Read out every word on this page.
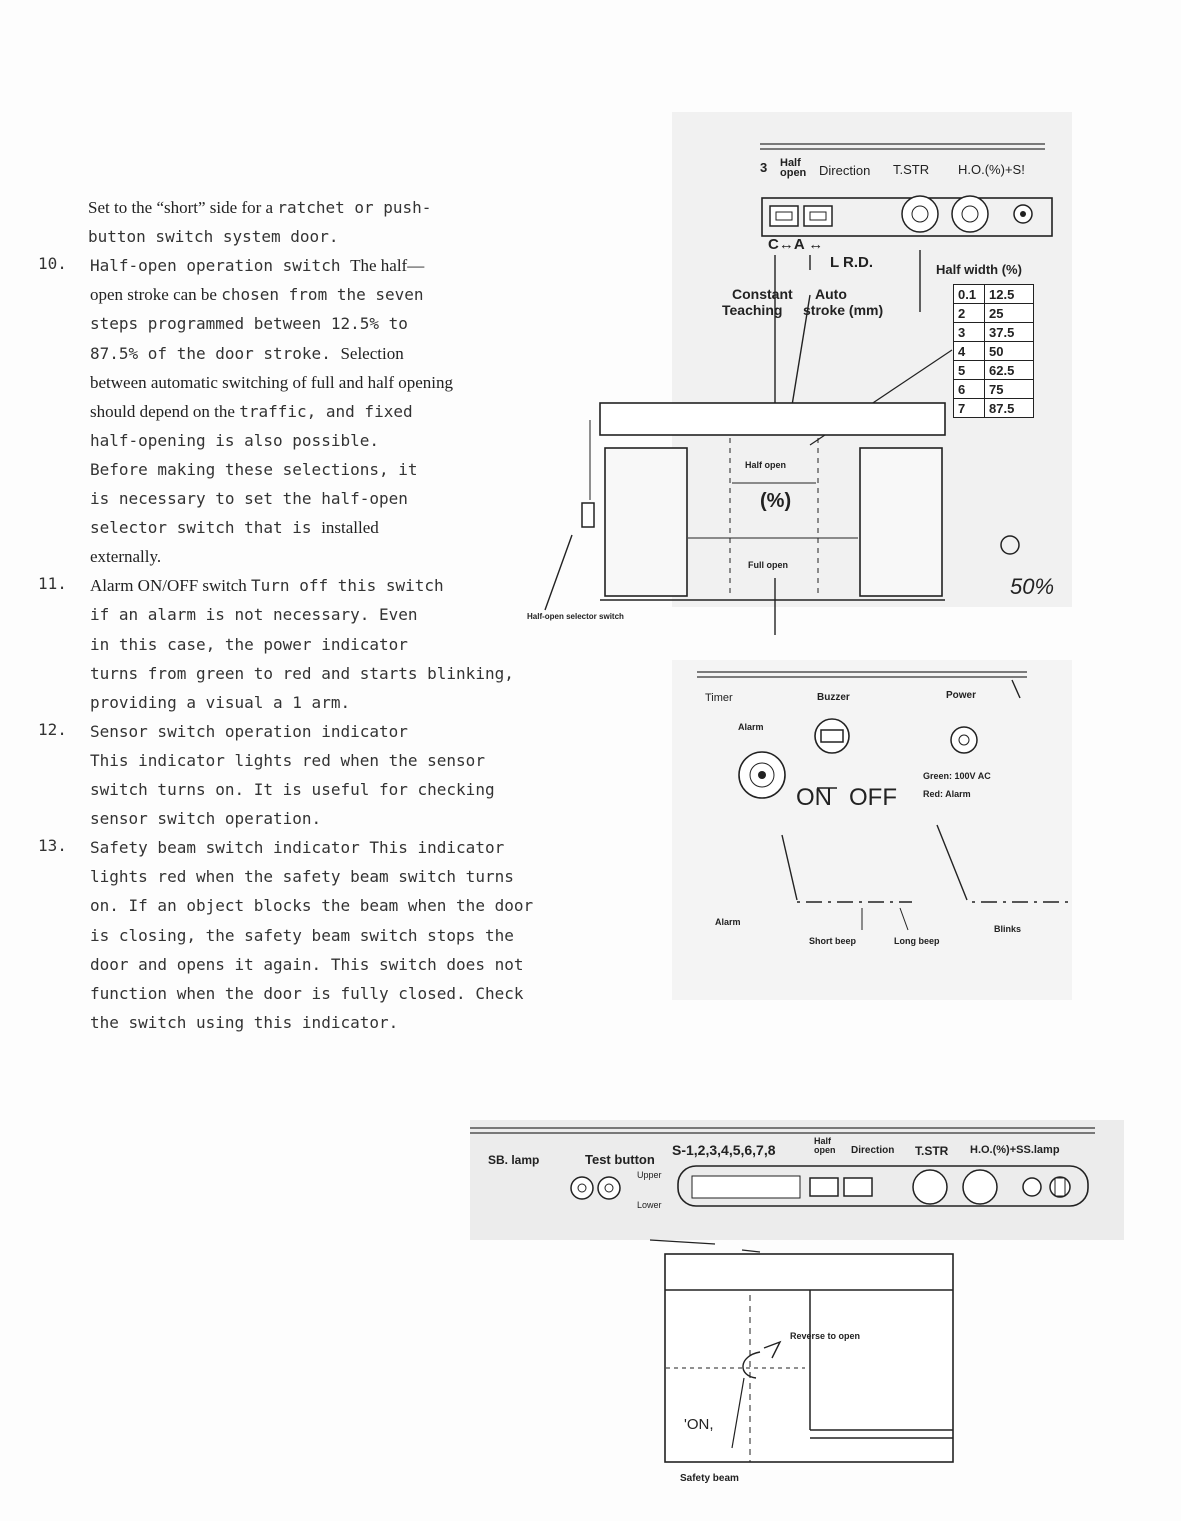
Set to the “short” side for a ratchet or push-
button switch system door.
10. Half-open operation switch The half—
open stroke can be chosen from the seven
steps programmed between 12.5% to
87.5% of the door stroke. Selection
between automatic switching of full and half opening
should depend on the traffic, and fixed
half-opening is also possible.
Before making these selections, it
is necessary to set the half-open
selector switch that is installed
externally.
11. Alarm ON/OFF switch Turn off this switch
if an alarm is not necessary. Even
in this case, the power indicator
turns from green to red and starts blinking,
providing a visual a 1 arm.
12. Sensor switch operation indicator
This indicator lights red when the sensor
switch turns on. It is useful for checking
sensor switch operation.
13. Safety beam switch indicator This indicator
lights red when the safety beam switch turns
on. If an object blocks the beam when the door
is closing, the safety beam switch stops the
door and opens it again. This switch does not
function when the door is fully closed. Check
the switch using this indicator.
3 Half open Direction T.STR H.O.(%)+S!
C↔A ↔
L R.D.
Constant
Teaching
Auto
stroke (mm)
Half width (%)
0.1	12.5
2	25
3	37.5
4	50
5	62.5
6	75
7	87.5
Half open
(%)
Full open
Half-open selector switch
50%
Timer	Buzzer	Power
Alarm
ON OFF
Green: 100V AC
Red: Alarm
Alarm
Short beep	Long beep
Blinks
SB. lamp	Test button
Upper
Lower
S-1,2,3,4,5,6,7,8
Half open	Direction T.STR H.O.(%)+SS.lamp
Reverse to open
'ON,
Safety beam
